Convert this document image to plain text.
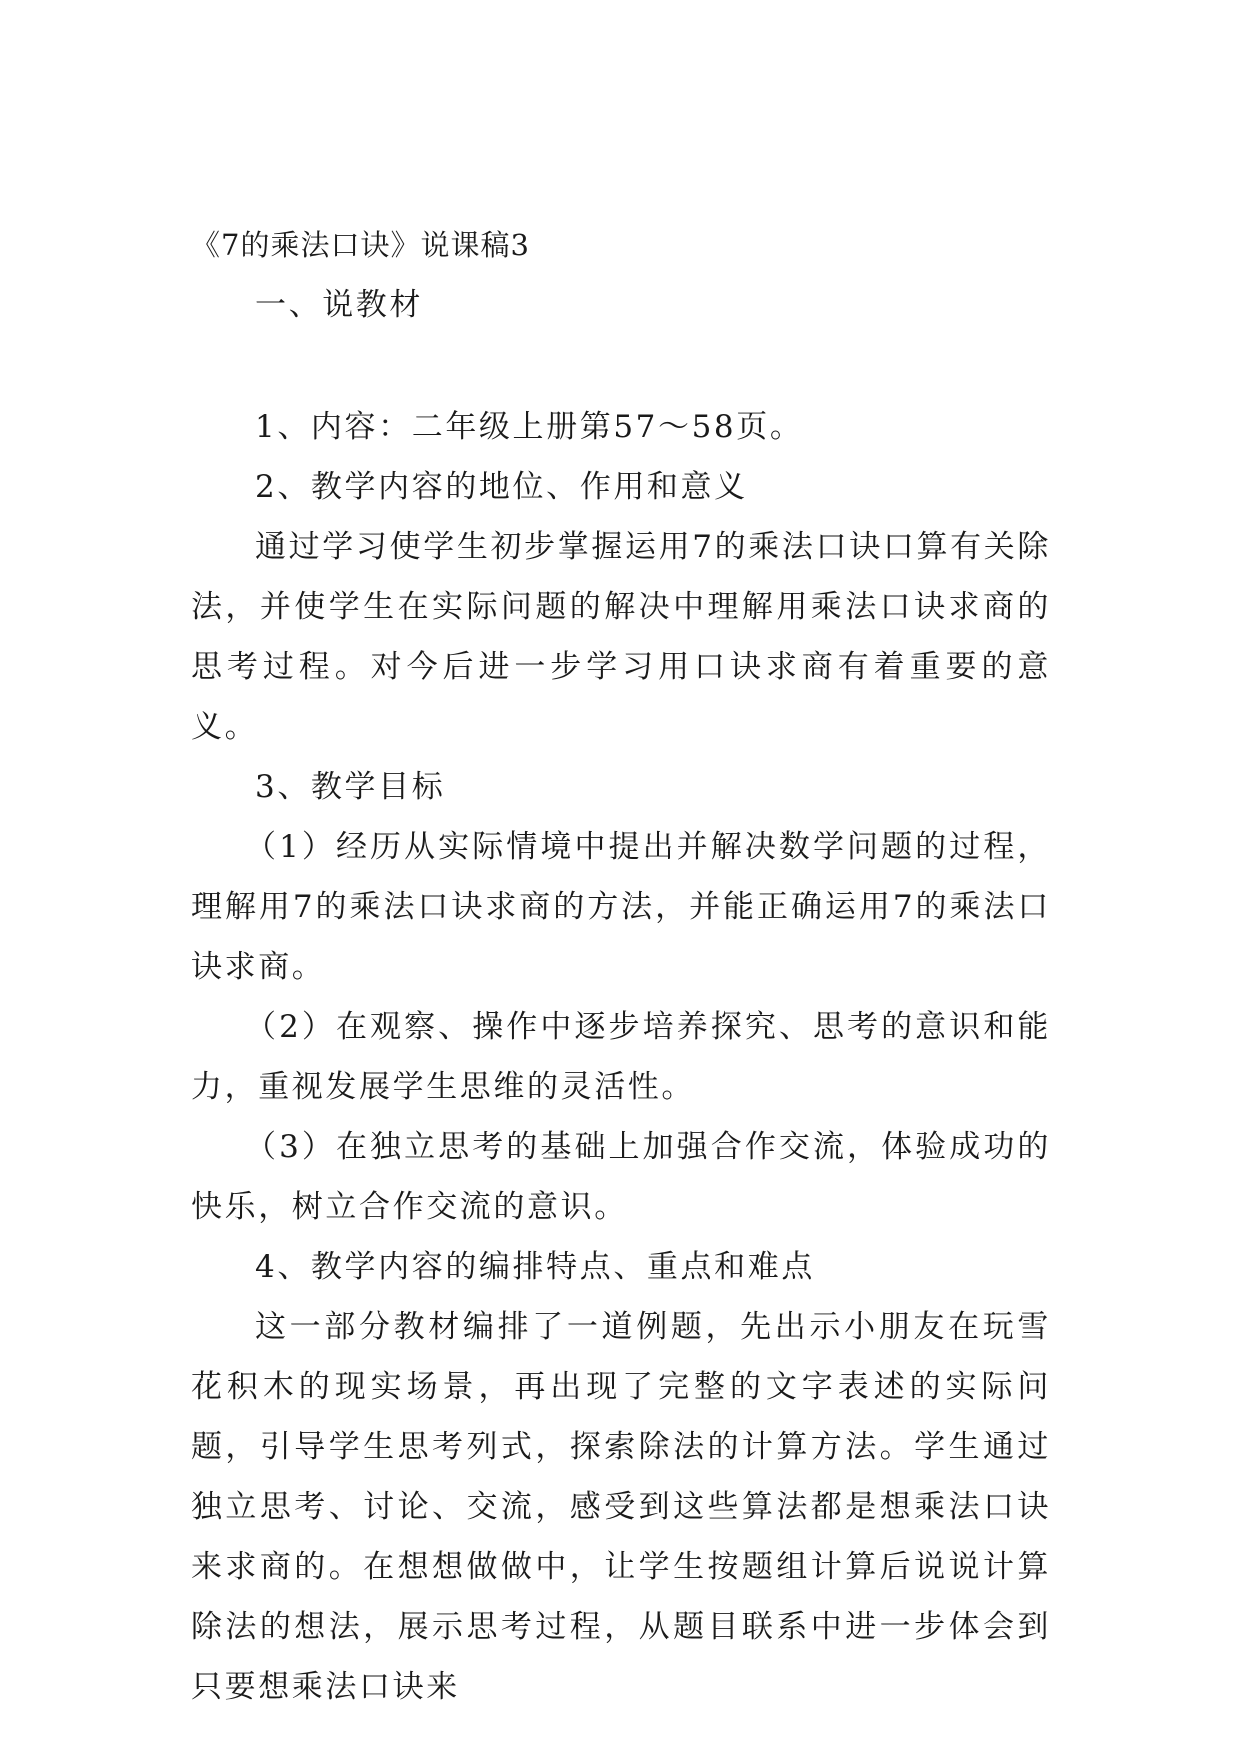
《7的乘法口诀》说课稿3

一、说教材

1、内容：二年级上册第57～58页。

2、教学内容的地位、作用和意义

通过学习使学生初步掌握运用7的乘法口诀口算有关除法，并使学生在实际问题的解决中理解用乘法口诀求商的思考过程。对今后进一步学习用口诀求商有着重要的意义。

3、教学目标

（1）经历从实际情境中提出并解决数学问题的过程，理解用7的乘法口诀求商的方法，并能正确运用7的乘法口诀求商。

（2）在观察、操作中逐步培养探究、思考的意识和能力，重视发展学生思维的灵活性。

（3）在独立思考的基础上加强合作交流，体验成功的快乐，树立合作交流的意识。

4、教学内容的编排特点、重点和难点

这一部分教材编排了一道例题，先出示小朋友在玩雪花积木的现实场景，再出现了完整的文字表述的实际问题，引导学生思考列式，探索除法的计算方法。学生通过独立思考、讨论、交流，感受到这些算法都是想乘法口诀来求商的。在想想做做中，让学生按题组计算后说说计算除法的想法，展示思考过程，从题目联系中进一步体会到只要想乘法口诀来
